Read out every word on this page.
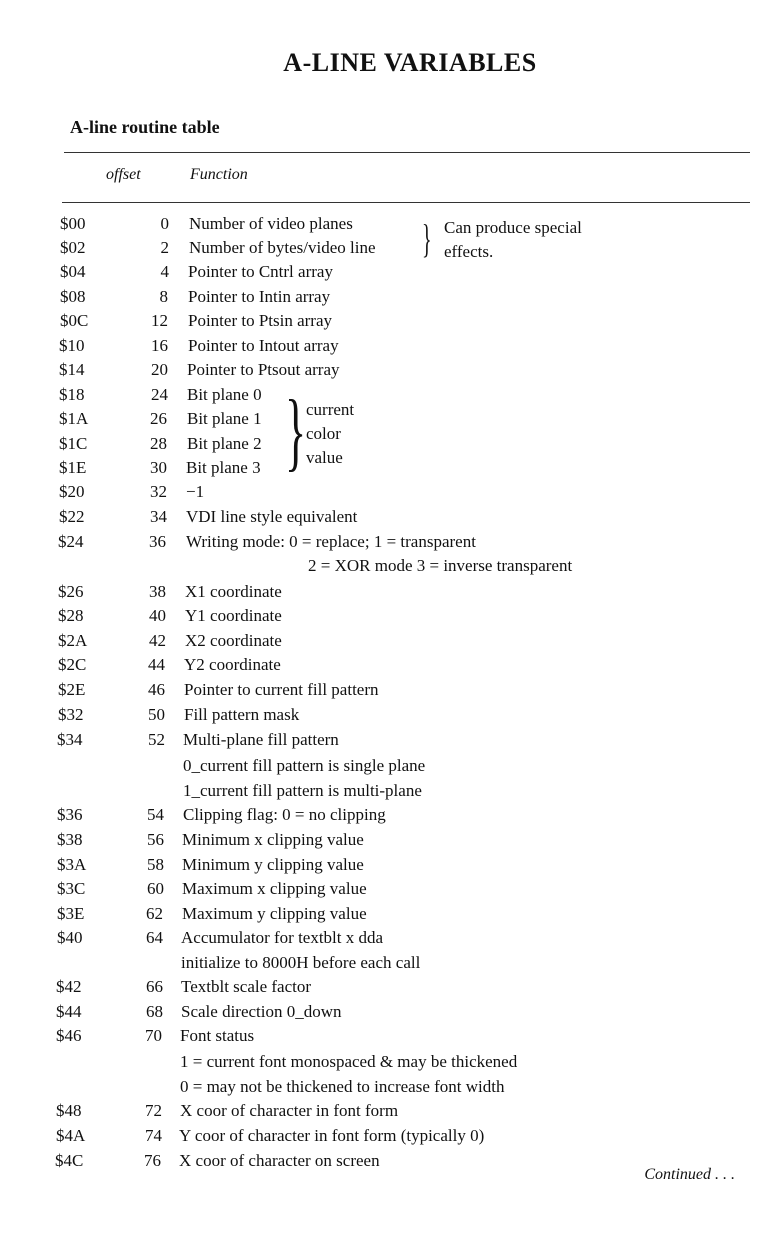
A-LINE VARIABLES
A-line routine table
offset	Function
$00	0 Number of video planes
$02	2 Number of bytes/video line
$04	4 Pointer to Cntrl array
$08	8 Pointer to Intin array
$0C	12 Pointer to Ptsin array
$10	16 Pointer to Intout array
$14	20 Pointer to Ptsout array
$18	24 Bit plane 0
$1A	26 Bit plane 1
$1C	28 Bit plane 2
$1E	30 Bit plane 3
$20	32 −1
$22	34 VDI line style equivalent
$24	36 Writing mode: 0 = replace; 1 = transparent
2 = XOR mode 3 = inverse transparent
$26	38 X1 coordinate
$28	40 Y1 coordinate
$2A	42 X2 coordinate
$2C	44 Y2 coordinate
$2E	46 Pointer to current fill pattern
$32	50 Fill pattern mask
$34	52 Multi-plane fill pattern
0_current fill pattern is single plane
1_current fill pattern is multi-plane
$36	54 Clipping flag: 0 = no clipping
$38	56 Minimum x clipping value
$3A	58 Minimum y clipping value
$3C	60 Maximum x clipping value
$3E	62 Maximum y clipping value
$40	64 Accumulator for textblt x dda
initialize to 8000H before each call
$42	66 Textblt scale factor
$44	68 Scale direction 0_down
$46	70 Font status
1 = current font monospaced & may be thickened
0 = may not be thickened to increase font width
$48	72 X coor of character in font form
$4A	74 Y coor of character in font form (typically 0)
$4C	76 X coor of character on screen
} Can produce special
effects.
} current
color
value
Continued . . .
